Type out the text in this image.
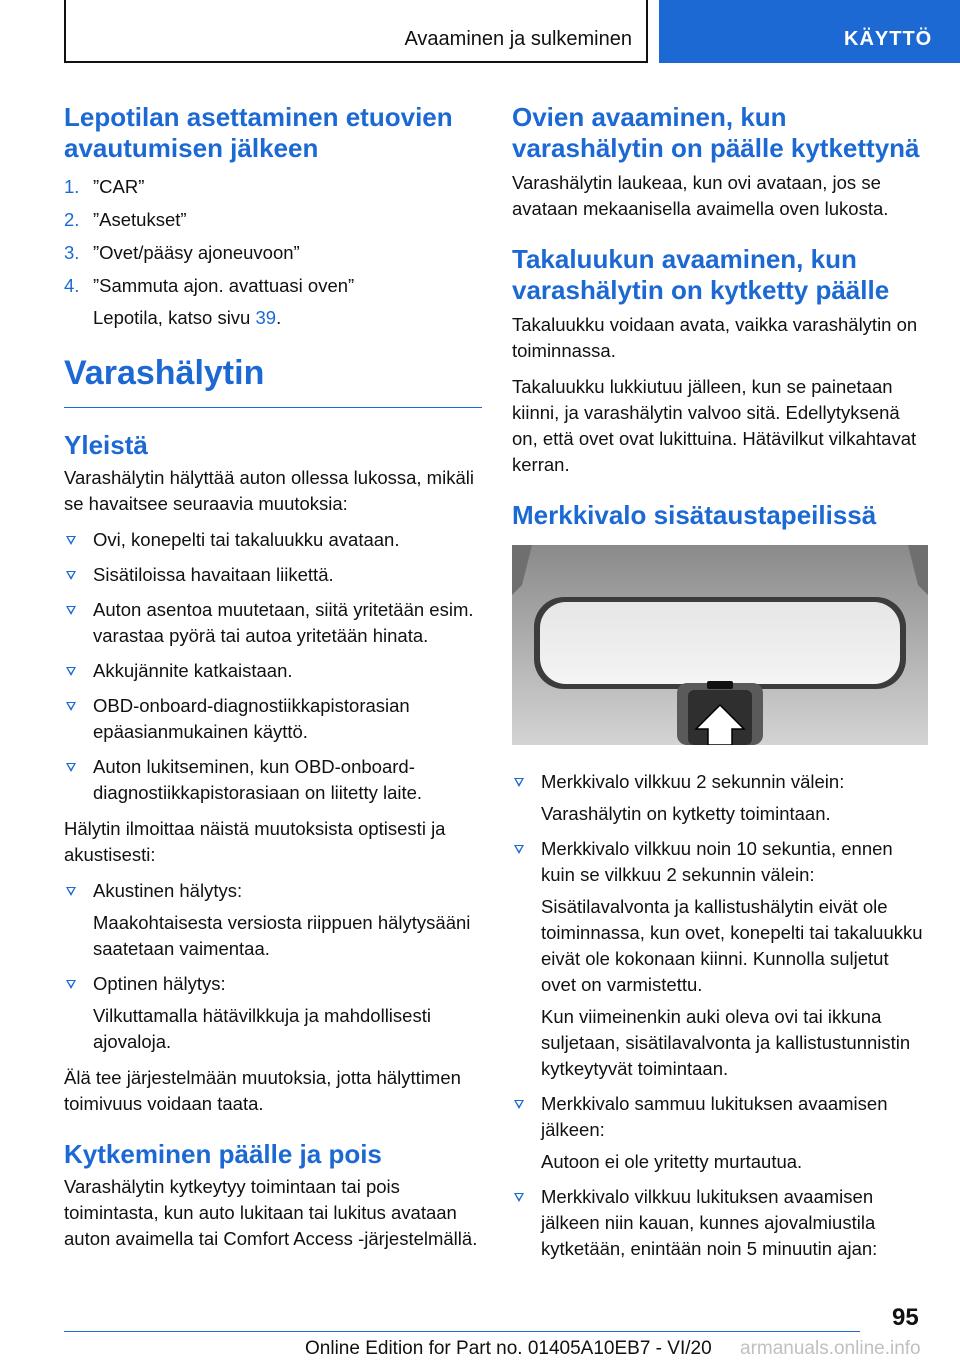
Avaaminen ja sulkeminen	KÄYTTÖ
Lepotilan asettaminen etuovien avautumisen jälkeen
1. ”CAR”
2. ”Asetukset”
3. ”Ovet/pääsy ajoneuvoon”
4. ”Sammuta ajon. avattuasi oven”
Lepotila, katso sivu 39.
Varashälytin
Yleistä

Varashälytin hälyttää auton ollessa lukossa, mikäli se havaitsee seuraavia muutoksia:

Ovi, konepelti tai takaluukku avataan.
Sisätiloissa havaitaan liikettä.
Auton asentoa muutetaan, siitä yritetään esim. varastaa pyörä tai autoa yritetään hinata.
Akkujännite katkaistaan.
OBD-onboard-diagnostiikkapistorasian epäasianmukainen käyttö.
Auton lukitseminen, kun OBD-onboard-diagnostiikkapistorasiaan on liitetty laite.

Hälytin ilmoittaa näistä muutoksista optisesti ja akustisesti:

Akustinen hälytys:
Maakohtaisesta versiosta riippuen hälytysääni saatetaan vaimentaa.
Optinen hälytys:
Vilkuttamalla hätävilkkuja ja mahdollisesti ajovaloja.

Älä tee järjestelmään muutoksia, jotta hälyttimen toimivuus voidaan taata.

Kytkeminen päälle ja pois

Varashälytin kytkeytyy toimintaan tai pois toimintasta, kun auto lukitaan tai lukitus avataan auton avaimella tai Comfort Access -järjestelmällä.

Ovien avaaminen, kun varashälytin on päälle kytkettynä

Varashälytin laukeaa, kun ovi avataan, jos se avataan mekaanisella avaimella oven lukosta.

Takaluukun avaaminen, kun varashälytin on kytketty päälle

Takaluukku voidaan avata, vaikka varashälytin on toiminnassa.

Takaluukku lukkiutuu jälleen, kun se painetaan kiinni, ja varashälytin valvoo sitä. Edellytyksenä on, että ovet ovat lukittuina. Hätävilkut vilkahtavat kerran.

Merkkivalo sisätaustapeilissä
Merkkivalo vilkkuu 2 sekunnin välein:
Varashälytin on kytketty toimintaan.
Merkkivalo vilkkuu noin 10 sekuntia, ennen kuin se vilkkuu 2 sekunnin välein:
Sisätilavalvonta ja kallistushälytin eivät ole toiminnassa, kun ovet, konepelti tai takaluukku eivät ole kokonaan kiinni. Kunnolla suljetut ovet on varmistettu.
Kun viimeinenkin auki oleva ovi tai ikkuna suljetaan, sisätilavalvonta ja kallistustunnistin kytkeytyvät toimintaan.
Merkkivalo sammuu lukituksen avaamisen jälkeen:
Autoon ei ole yritetty murtautua.
Merkkivalo vilkkuu lukituksen avaamisen jälkeen niin kauan, kunnes ajovalmiustila kytketään, enintään noin 5 minuutin ajan:
95
Online Edition for Part no. 01405A10EB7 - VI/20 armanuals.online.info
